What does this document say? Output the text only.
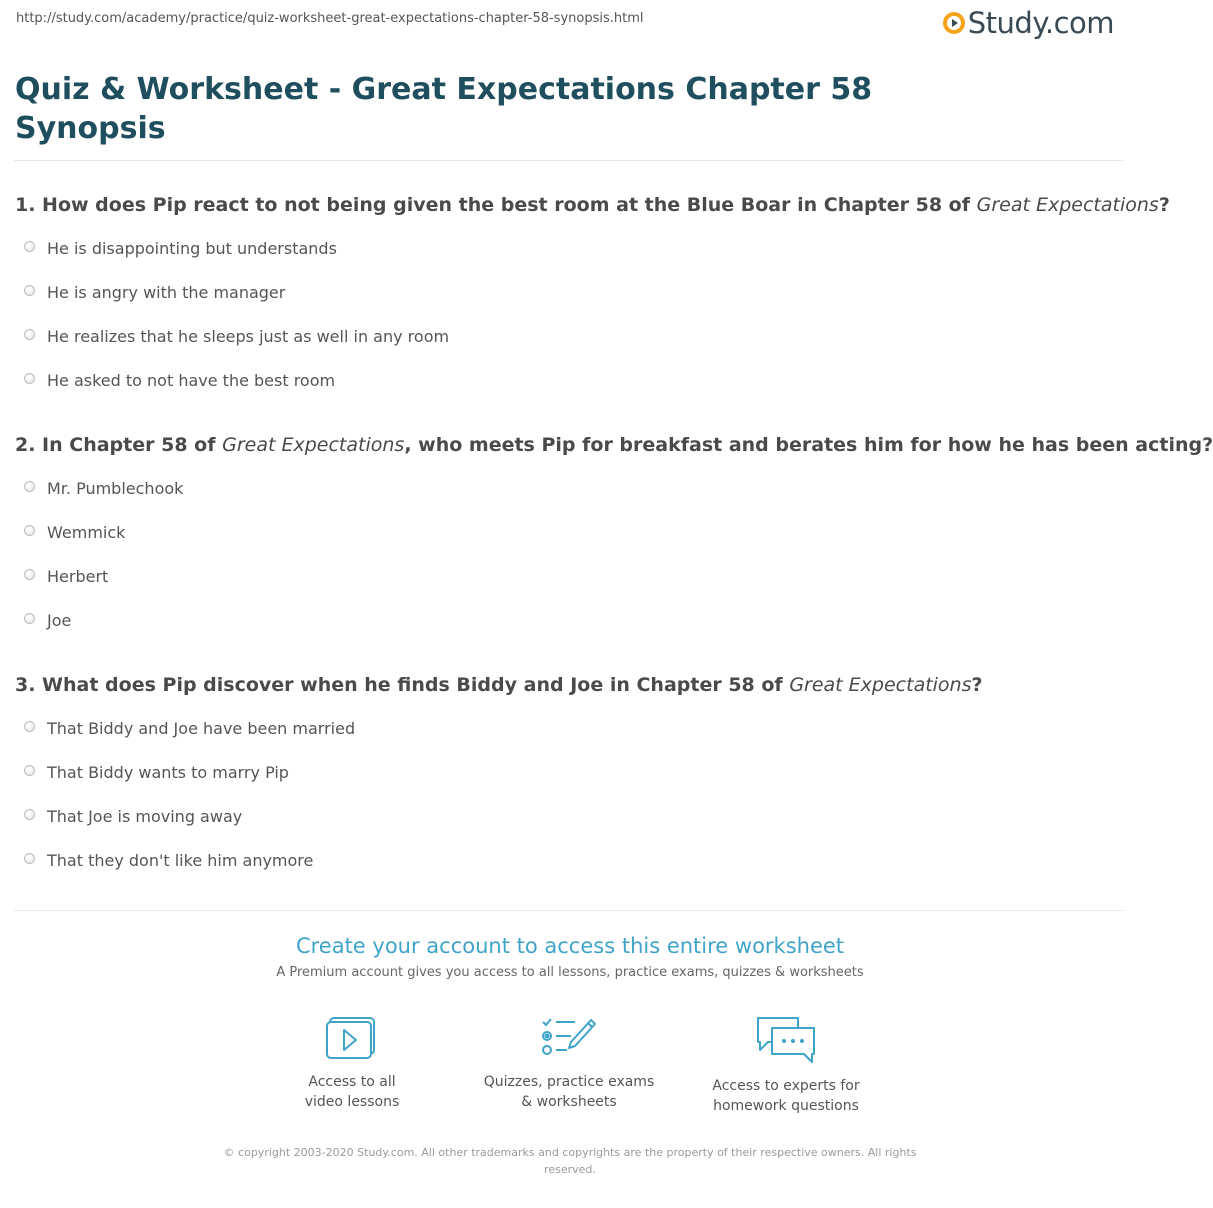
http://study.com/academy/practice/quiz-worksheet-great-expectations-chapter-58-synopsis.html	Study.com
Quiz & Worksheet - Great Expectations Chapter 58 Synopsis
1. How does Pip react to not being given the best room at the Blue Boar in Chapter 58 of Great Expectations?
He is disappointing but understands
He is angry with the manager
He realizes that he sleeps just as well in any room
He asked to not have the best room
2. In Chapter 58 of Great Expectations, who meets Pip for breakfast and berates him for how he has been acting?
Mr. Pumblechook
Wemmick
Herbert
Joe
3. What does Pip discover when he finds Biddy and Joe in Chapter 58 of Great Expectations?
That Biddy and Joe have been married
That Biddy wants to marry Pip
That Joe is moving away
That they don't like him anymore
Create your account to access this entire worksheet
A Premium account gives you access to all lessons, practice exams, quizzes & worksheets
Access to all
video lessons
Quizzes, practice exams
& worksheets
Access to experts for
homework questions
© copyright 2003-2020 Study.com. All other trademarks and copyrights are the property of their respective owners. All rights reserved.
